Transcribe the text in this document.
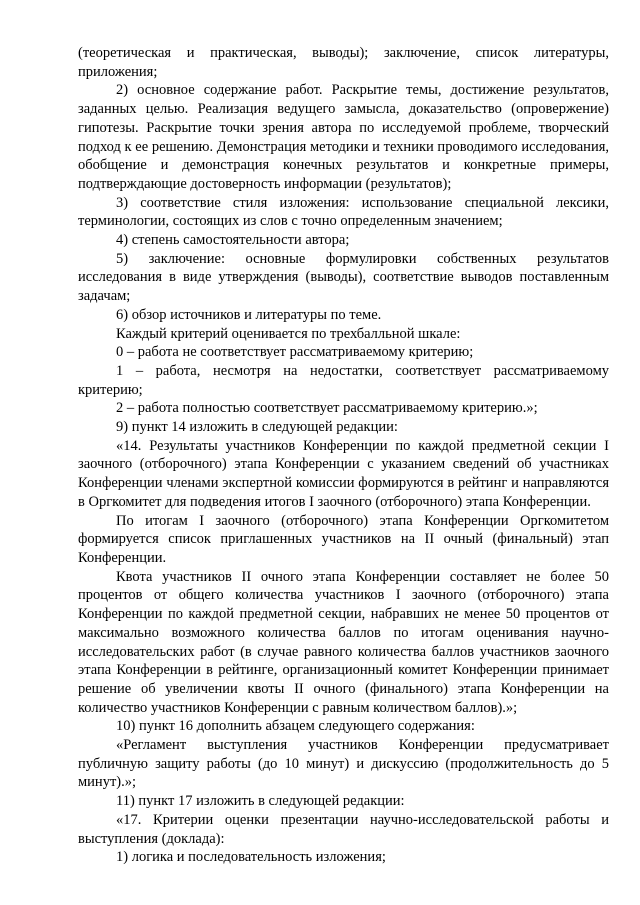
(теоретическая и практическая, выводы); заключение, список литературы, приложения;

2) основное содержание работ. Раскрытие темы, достижение результатов, заданных целью. Реализация ведущего замысла, доказательство (опровержение) гипотезы. Раскрытие точки зрения автора по исследуемой проблеме, творческий подход к ее решению. Демонстрация методики и техники проводимого исследования, обобщение и демонстрация конечных результатов и конкретные примеры, подтверждающие достоверность информации (результатов);

3) соответствие стиля изложения: использование специальной лексики, терминологии, состоящих из слов с точно определенным значением;

4) степень самостоятельности автора;

5) заключение: основные формулировки собственных результатов исследования в виде утверждения (выводы), соответствие выводов поставленным задачам;

6) обзор источников и литературы по теме.

Каждый критерий оценивается по трехбалльной шкале:

0 – работа не соответствует рассматриваемому критерию;

1 – работа, несмотря на недостатки, соответствует рассматриваемому критерию;

2 – работа полностью соответствует рассматриваемому критерию.»;

9) пункт 14 изложить в следующей редакции:

«14. Результаты участников Конференции по каждой предметной секции I заочного (отборочного) этапа Конференции с указанием сведений об участниках Конференции членами экспертной комиссии формируются в рейтинг и направляются в Оргкомитет для подведения итогов I заочного (отборочного) этапа Конференции.

По итогам I заочного (отборочного) этапа Конференции Оргкомитетом формируется список приглашенных участников на II очный (финальный) этап Конференции.

Квота участников II очного этапа Конференции составляет не более 50 процентов от общего количества участников I заочного (отборочного) этапа Конференции по каждой предметной секции, набравших не менее 50 процентов от максимально возможного количества баллов по итогам оценивания научно-исследовательских работ (в случае равного количества баллов участников заочного этапа Конференции в рейтинге, организационный комитет Конференции принимает решение об увеличении квоты II очного (финального) этапа Конференции на количество участников Конференции с равным количеством баллов).»;

10) пункт 16 дополнить абзацем следующего содержания:

«Регламент выступления участников Конференции предусматривает публичную защиту работы (до 10 минут) и дискуссию (продолжительность до 5 минут).»;

11) пункт 17 изложить в следующей редакции:

«17. Критерии оценки презентации научно-исследовательской работы и выступления (доклада):

1) логика и последовательность изложения;
